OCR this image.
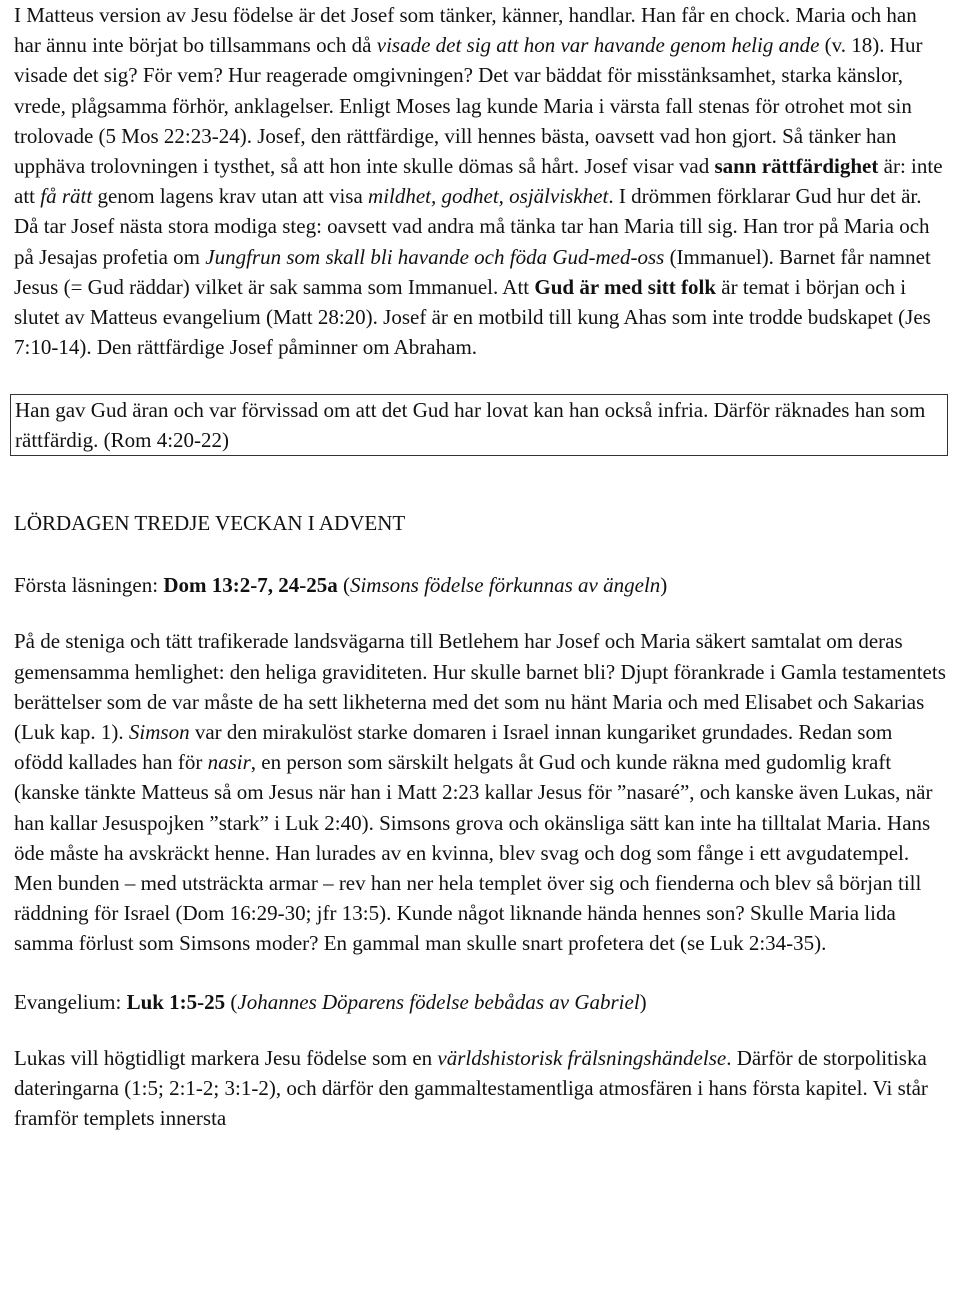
I Matteus version av Jesu födelse är det Josef som tänker, känner, handlar. Han får en chock. Maria och han har ännu inte börjat bo tillsammans och då visade det sig att hon var havande genom helig ande (v. 18). Hur visade det sig? För vem? Hur reagerade omgivningen? Det var bäddat för misstänksamhet, starka känslor, vrede, plågsamma förhör, anklagelser. Enligt Moses lag kunde Maria i värsta fall stenas för otrohet mot sin trolovade (5 Mos 22:23-24). Josef, den rättfärdige, vill hennes bästa, oavsett vad hon gjort. Så tänker han upphäva trolovningen i tysthet, så att hon inte skulle dömas så hårt. Josef visar vad sann rättfärdighet är: inte att få rätt genom lagens krav utan att visa mildhet, godhet, osjälviskhet. I drömmen förklarar Gud hur det är. Då tar Josef nästa stora modiga steg: oavsett vad andra må tänka tar han Maria till sig. Han tror på Maria och på Jesajas profetia om Jungfrun som skall bli havande och föda Gud-med-oss (Immanuel). Barnet får namnet Jesus (= Gud räddar) vilket är sak samma som Immanuel. Att Gud är med sitt folk är temat i början och i slutet av Matteus evangelium (Matt 28:20). Josef är en motbild till kung Ahas som inte trodde budskapet (Jes 7:10-14). Den rättfärdige Josef påminner om Abraham.

Han gav Gud äran och var förvissad om att det Gud har lovat kan han också infria. Därför räknades han som rättfärdig. (Rom 4:20-22)
LÖRDAGEN TREDJE VECKAN I ADVENT
Första läsningen: Dom 13:2-7, 24-25a (Simsons födelse förkunnas av ängeln)

På de steniga och tätt trafikerade landsvägarna till Betlehem har Josef och Maria säkert samtalat om deras gemensamma hemlighet: den heliga graviditeten. Hur skulle barnet bli? Djupt förankrade i Gamla testamentets berättelser som de var måste de ha sett likheterna med det som nu hänt Maria och med Elisabet och Sakarias (Luk kap. 1). Simson var den mirakulöst starke domaren i Israel innan kungariket grundades. Redan som ofödd kallades han för nasir, en person som särskilt helgats åt Gud och kunde räkna med gudomlig kraft (kanske tänkte Matteus så om Jesus när han i Matt 2:23 kallar Jesus för ”nasaré”, och kanske även Lukas, när han kallar Jesuspojken ”stark” i Luk 2:40). Simsons grova och okänsliga sätt kan inte ha tilltalat Maria. Hans öde måste ha avskräckt henne. Han lurades av en kvinna, blev svag och dog som fånge i ett avgudatempel. Men bunden – med utsträckta armar – rev han ner hela templet över sig och fienderna och blev så början till räddning för Israel (Dom 16:29-30; jfr 13:5). Kunde något liknande hända hennes son? Skulle Maria lida samma förlust som Simsons moder? En gammal man skulle snart profetera det (se Luk 2:34-35).

Evangelium: Luk 1:5-25 (Johannes Döparens födelse bebådas av Gabriel)

Lukas vill högtidligt markera Jesu födelse som en världshistorisk frälsningshändelse. Därför de storpolitiska dateringarna (1:5; 2:1-2; 3:1-2), och därför den gammaltestamentliga atmosfären i hans första kapitel. Vi står framför templets innersta
